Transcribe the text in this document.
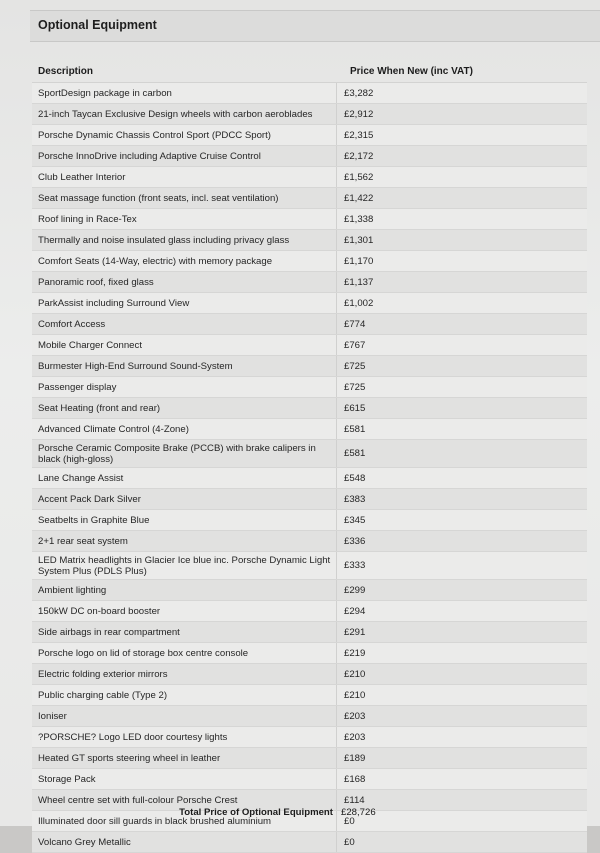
Optional Equipment
Description	Price When New (inc VAT)
SportDesign package in carbon	£3,282
21-inch Taycan Exclusive Design wheels with carbon aeroblades	£2,912
Porsche Dynamic Chassis Control Sport (PDCC Sport)	£2,315
Porsche InnoDrive including Adaptive Cruise Control	£2,172
Club Leather Interior	£1,562
Seat massage function (front seats, incl. seat ventilation)	£1,422
Roof lining in Race-Tex	£1,338
Thermally and noise insulated glass including privacy glass	£1,301
Comfort Seats (14-Way, electric) with memory package	£1,170
Panoramic roof, fixed glass	£1,137
ParkAssist including Surround View	£1,002
Comfort Access	£774
Mobile Charger Connect	£767
Burmester High-End Surround Sound-System	£725
Passenger display	£725
Seat Heating (front and rear)	£615
Advanced Climate Control (4-Zone)	£581
Porsche Ceramic Composite Brake (PCCB) with brake calipers in black (high-gloss)	£581
Lane Change Assist	£548
Accent Pack Dark Silver	£383
Seatbelts in Graphite Blue	£345
2+1 rear seat system	£336
LED Matrix headlights in Glacier Ice blue inc. Porsche Dynamic Light System Plus (PDLS Plus)	£333
Ambient lighting	£299
150kW DC on-board booster	£294
Side airbags in rear compartment	£291
Porsche logo on lid of storage box centre console	£219
Electric folding exterior mirrors	£210
Public charging cable (Type 2)	£210
Ioniser	£203
?PORSCHE? Logo LED door courtesy lights	£203
Heated GT sports steering wheel in leather	£189
Storage Pack	£168
Wheel centre set with full-colour Porsche Crest	£114
Illuminated door sill guards in black brushed aluminium	£0
Volcano Grey Metallic	£0
Total Price of Optional Equipment £28,726
